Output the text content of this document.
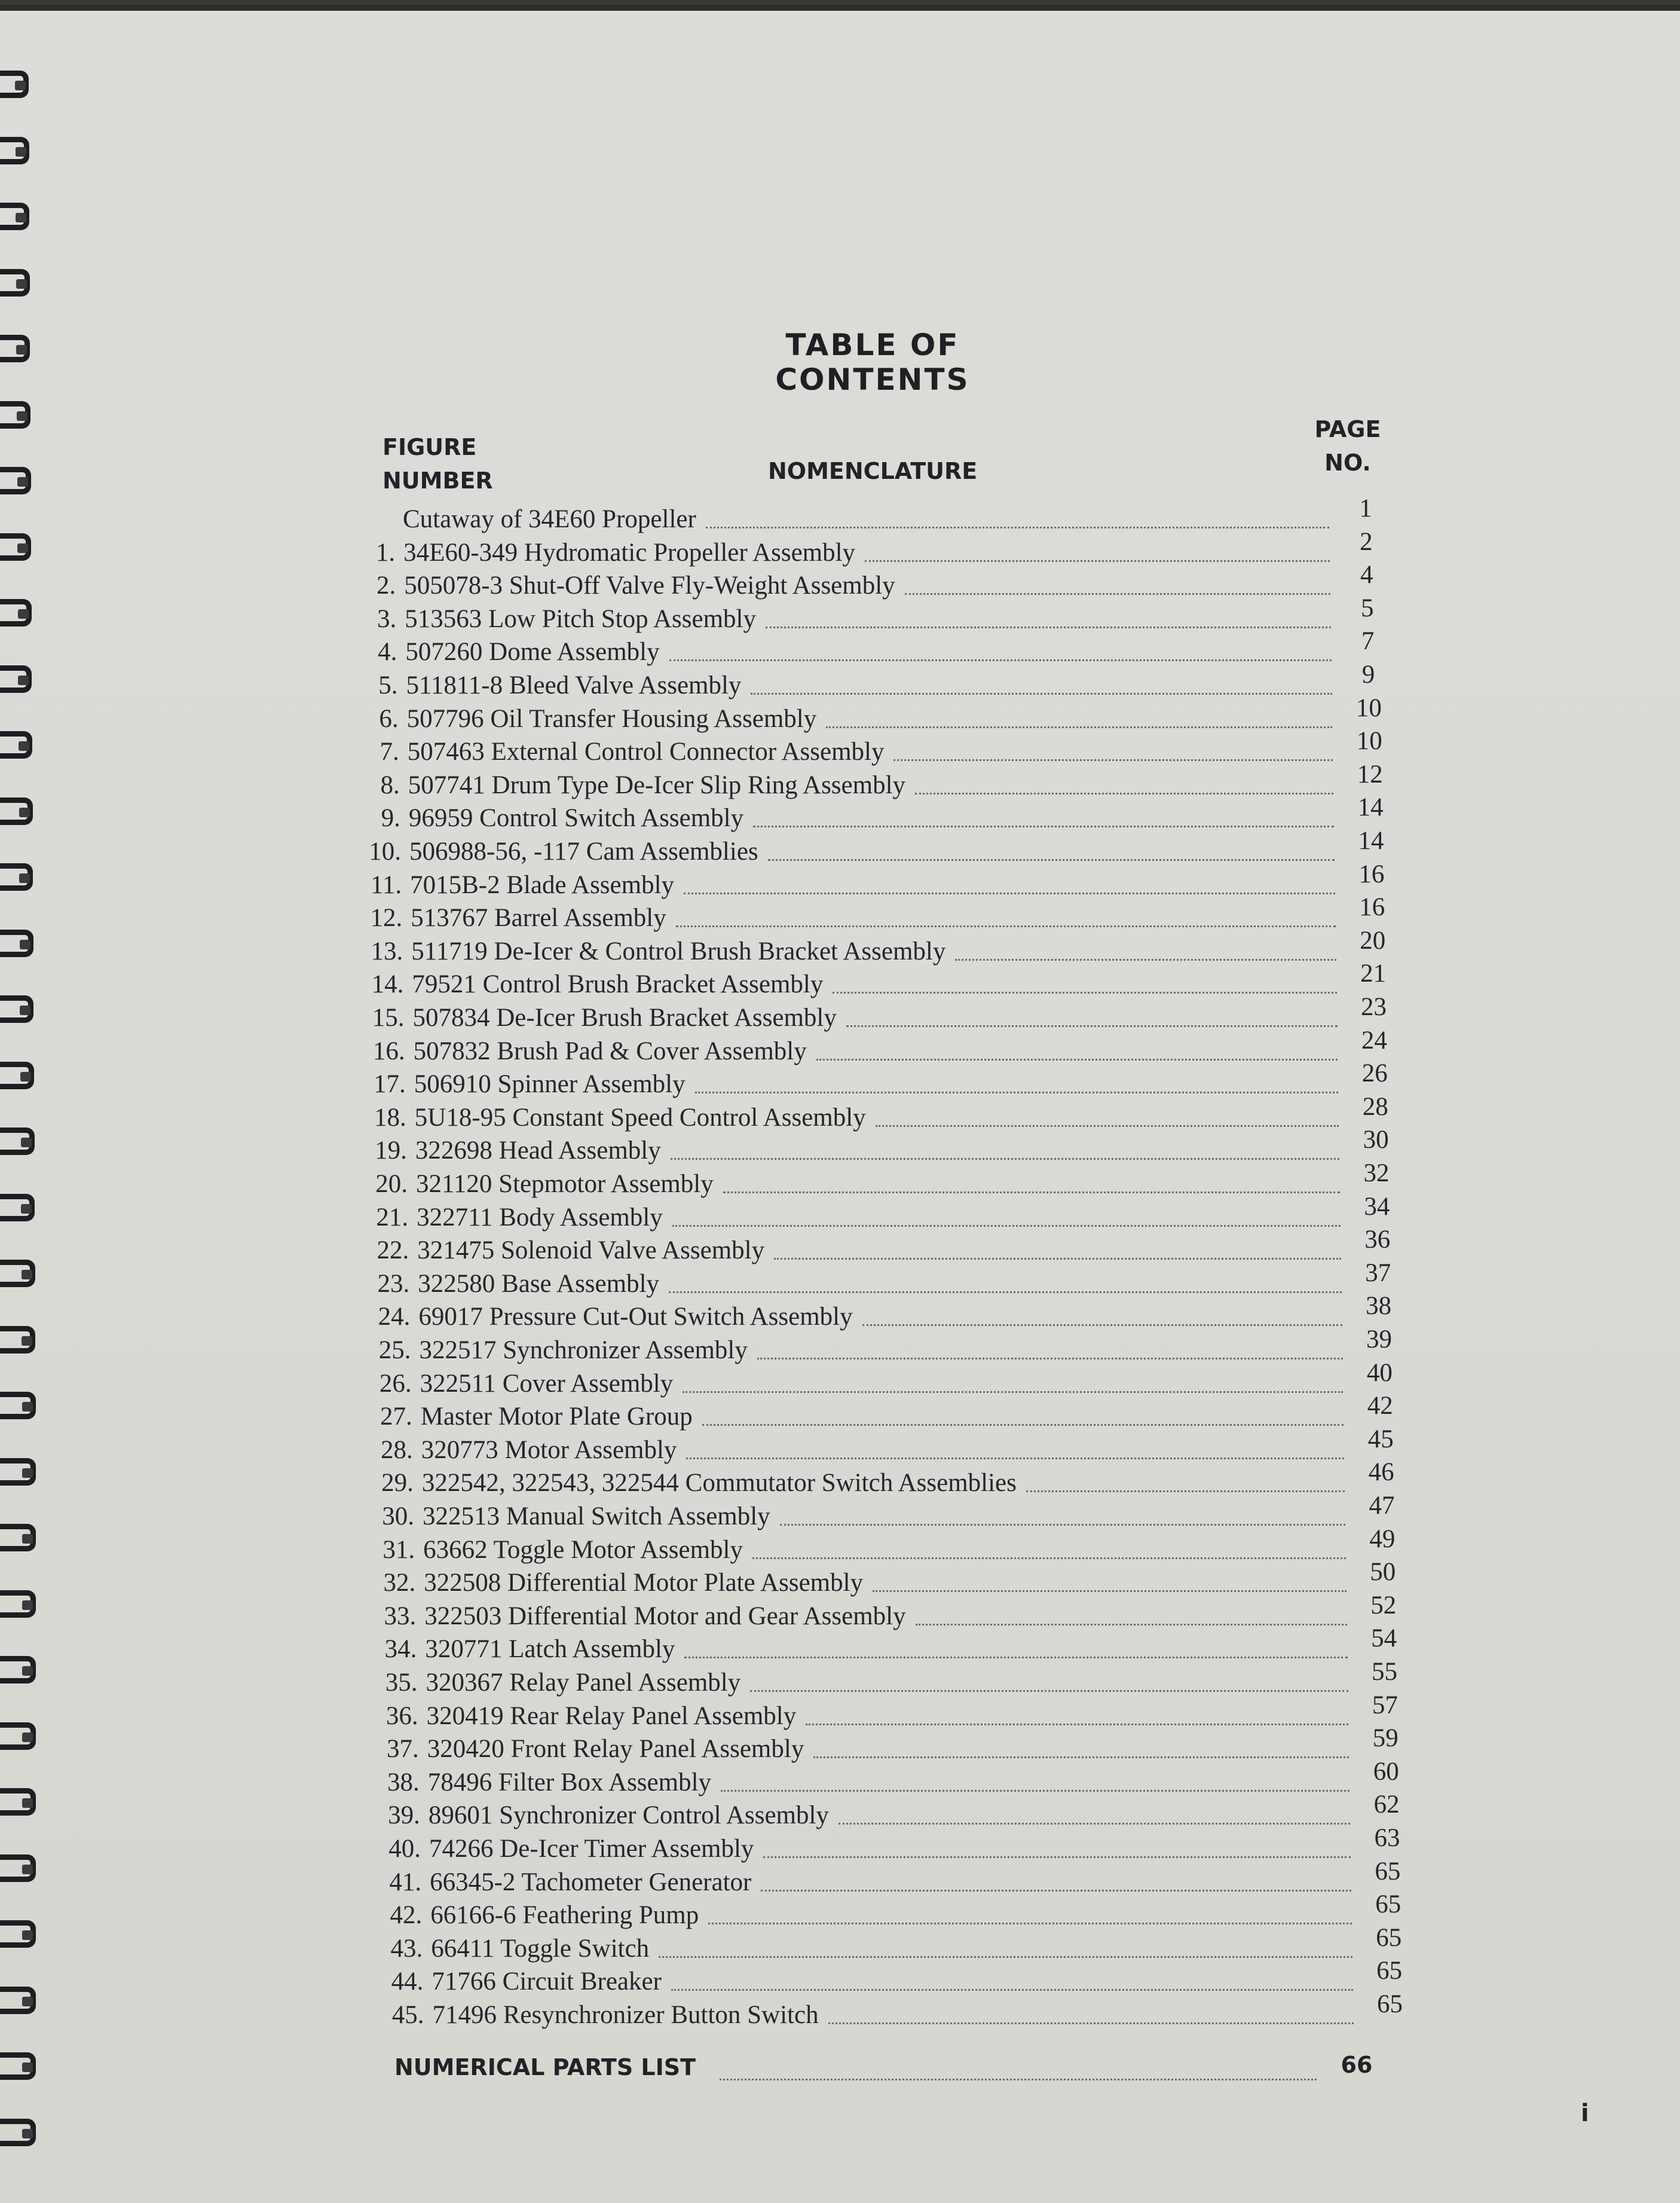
TABLE OF CONTENTS
FIGURE
NUMBER	NOMENCLATURE
PAGE
NO.
Cutaway of 34E60 Propeller	1
1. 34E60-349 Hydromatic Propeller Assembly	2
2. 505078-3 Shut-Off Valve Fly-Weight Assembly	4
3. 513563 Low Pitch Stop Assembly	5
4. 507260 Dome Assembly	7
5. 511811-8 Bleed Valve Assembly	9
6. 507796 Oil Transfer Housing Assembly	10
7. 507463 External Control Connector Assembly	10
8. 507741 Drum Type De-Icer Slip Ring Assembly	12
9. 96959 Control Switch Assembly	14
10. 506988-56, -117 Cam Assemblies	14
11. 7015B-2 Blade Assembly	16
12. 513767 Barrel Assembly	16
13. 511719 De-Icer & Control Brush Bracket Assembly	20
14. 79521 Control Brush Bracket Assembly	21
15. 507834 De-Icer Brush Bracket Assembly	23
16. 507832 Brush Pad & Cover Assembly	24
17. 506910 Spinner Assembly	26
18. 5U18-95 Constant Speed Control Assembly	28
19. 322698 Head Assembly	30
20. 321120 Stepmotor Assembly	32
21. 322711 Body Assembly	34
22. 321475 Solenoid Valve Assembly	36
23. 322580 Base Assembly	37
24. 69017 Pressure Cut-Out Switch Assembly	38
25. 322517 Synchronizer Assembly	39
26. 322511 Cover Assembly	40
27. Master Motor Plate Group	42
28. 320773 Motor Assembly	45
29. 322542, 322543, 322544 Commutator Switch Assemblies	46
30. 322513 Manual Switch Assembly	47
31. 63662 Toggle Motor Assembly	49
32. 322508 Differential Motor Plate Assembly	50
33. 322503 Differential Motor and Gear Assembly	52
34. 320771 Latch Assembly	54
35. 320367 Relay Panel Assembly	55
36. 320419 Rear Relay Panel Assembly	57
37. 320420 Front Relay Panel Assembly	59
38. 78496 Filter Box Assembly	60
39. 89601 Synchronizer Control Assembly	62
40. 74266 De-Icer Timer Assembly	63
41. 66345-2 Tachometer Generator	65
42. 66166-6 Feathering Pump	65
43. 66411 Toggle Switch	65
44. 71766 Circuit Breaker	65
45. 71496 Resynchronizer Button Switch	65
NUMERICAL PARTS LIST	66
i
